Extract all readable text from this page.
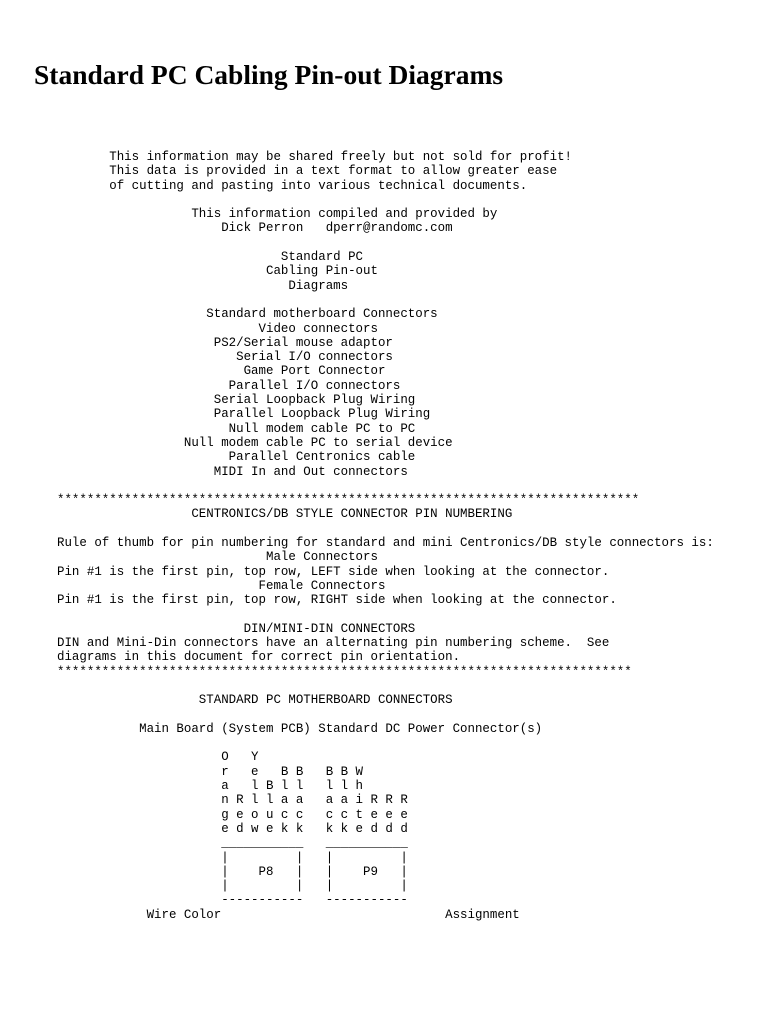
Standard PC Cabling Pin-out Diagrams
This information may be shared freely but not sold for profit!
This data is provided in a text format to allow greater ease
of cutting and pasting into various technical documents.
This information compiled and provided by
Dick Perron   dperr@randomc.com
Standard PC
Cabling Pin-out
Diagrams
Standard motherboard Connectors
Video connectors
PS2/Serial mouse adaptor
Serial I/O connectors
Game Port Connector
Parallel I/O connectors
Serial Loopback Plug Wiring
Parallel Loopback Plug Wiring
Null modem cable PC to PC
Null modem cable PC to serial device
Parallel Centronics cable
MIDI In and Out connectors
******************************************************************************
CENTRONICS/DB STYLE CONNECTOR PIN NUMBERING
Rule of thumb for pin numbering for standard and mini Centronics/DB style connectors is:
Male Connectors
Pin #1 is the first pin, top row, LEFT side when looking at the connector.
Female Connectors
Pin #1 is the first pin, top row, RIGHT side when looking at the connector.
DIN/MINI-DIN CONNECTORS
DIN and Mini-Din connectors have an alternating pin numbering scheme.  See
diagrams in this document for correct pin orientation.
*****************************************************************************
STANDARD PC MOTHERBOARD CONNECTORS
Main Board (System PCB) Standard DC Power Connector(s)
O   Y
r   e   B B   B B W
a   l B l l   l l h
n R l l a a   a a i R R R
g e o u c c   c c t e e e
e d w e k k   k k e d d d
___________   ___________
|         |   |         |
|    P8   |   |    P9   |
|         |   |         |
-----------   -----------
Wire Color                              Assignment
